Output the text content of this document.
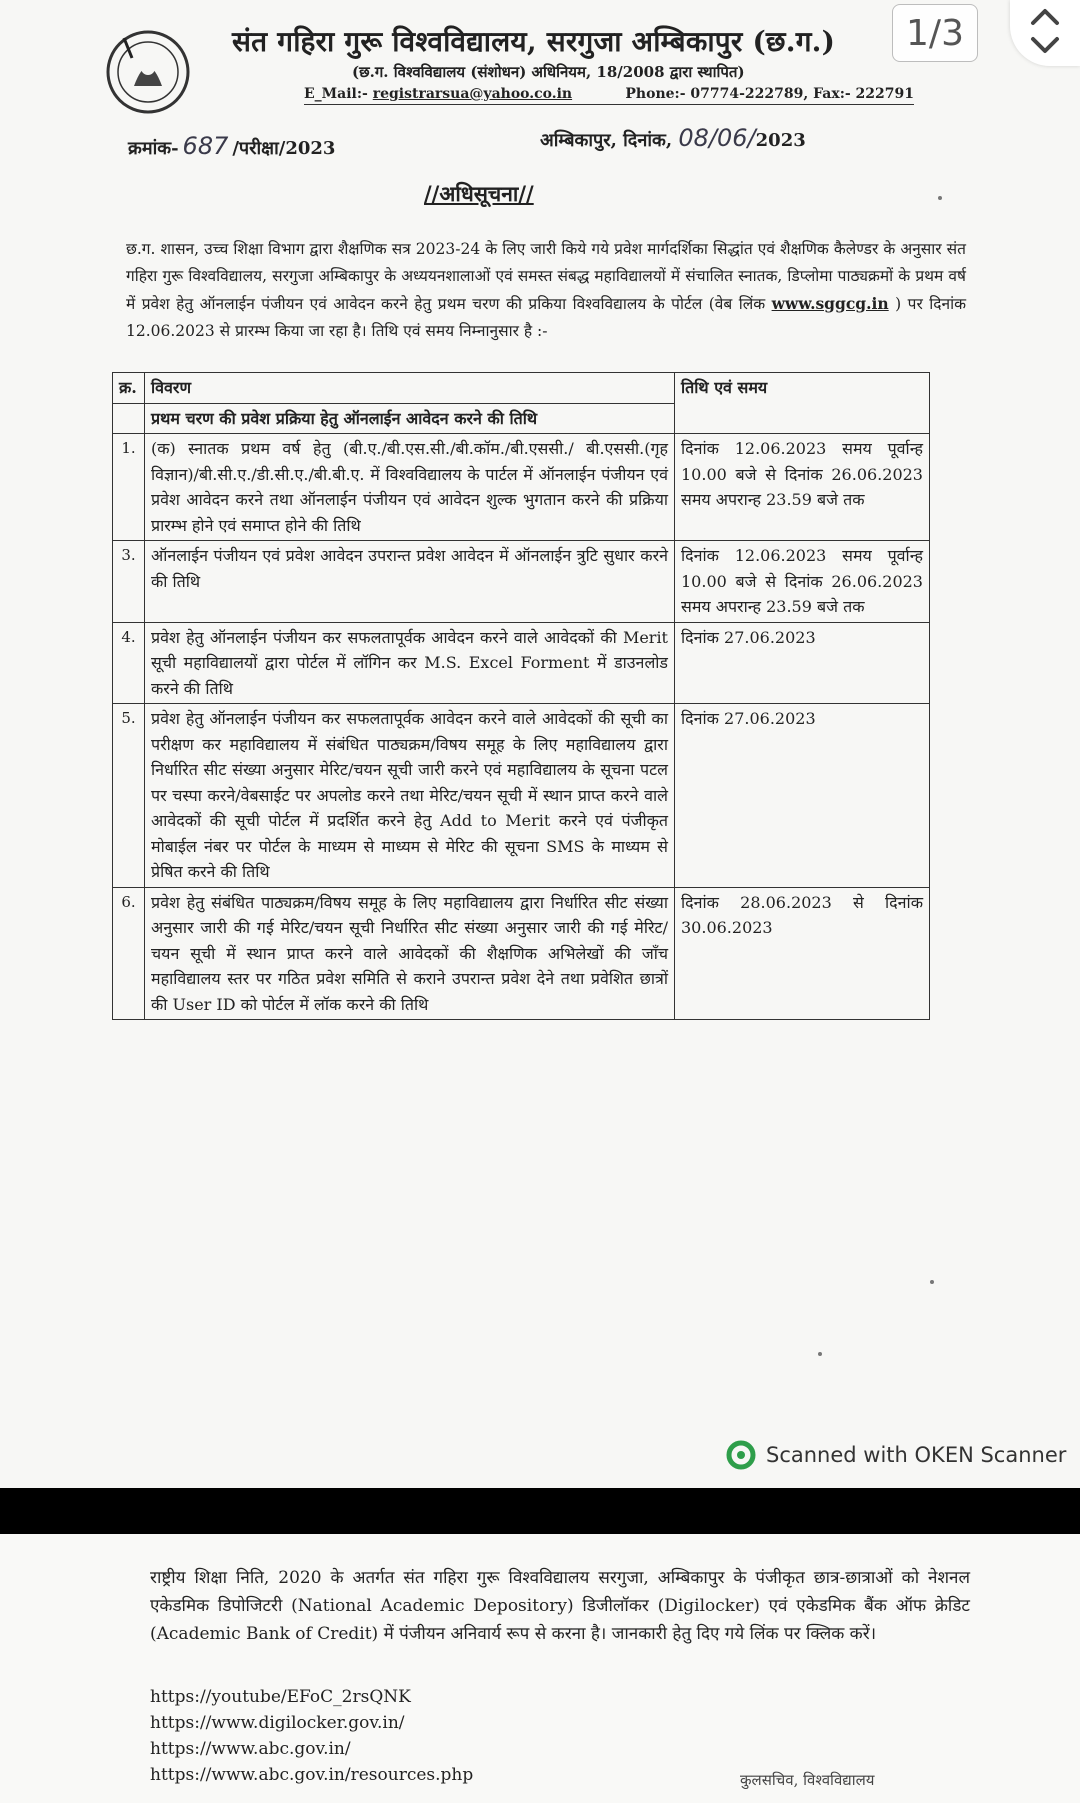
संत गहिरा गुरू विश्वविद्यालय, सरगुजा अम्बिकापुर (छ.ग.)
(छ.ग. विश्वविद्यालय (संशोधन) अधिनियम, 18/2008 द्वारा स्थापित)
E_Mail:- registrarsua@yahoo.co.in	Phone:- 07774-222789, Fax:- 222791
क्रमांक- 687 /परीक्षा/2023	अम्बिकापुर, दिनांक, 08/06/2023
//अधिसूचना//
छ.ग. शासन, उच्च शिक्षा विभाग द्वारा शैक्षणिक सत्र 2023-24 के लिए जारी किये गये प्रवेश मार्गदर्शिका सिद्धांत एवं शैक्षणिक कैलेण्डर के अनुसार संत गहिरा गुरू विश्वविद्यालय, सरगुजा अम्बिकापुर के अध्ययनशालाओं एवं समस्त संबद्ध महाविद्यालयों में संचालित स्नातक, डिप्लोमा पाठ्यक्रमों के प्रथम वर्ष में प्रवेश हेतु ऑनलाईन पंजीयन एवं आवेदन करने हेतु प्रथम चरण की प्रकिया विश्वविद्यालय के पोर्टल (वेब लिंक www.sggcg.in ) पर दिनांक 12.06.2023 से प्रारम्भ किया जा रहा है। तिथि एवं समय निम्नानुसार है :-
क्र.	विवरण	तिथि एवं समय
	प्रथम चरण की प्रवेश प्रक्रिया हेतु ऑनलाईन आवेदन करने की तिथि	
1.	(क) स्नातक प्रथम वर्ष हेतु (बी.ए./बी.एस.सी./बी.कॉम./बी.एससी./ बी.एससी.(गृह विज्ञान)/बी.सी.ए./डी.सी.ए./बी.बी.ए. में विश्वविद्यालय के पार्टल में ऑनलाईन पंजीयन एवं प्रवेश आवेदन करने तथा ऑनलाईन पंजीयन एवं आवेदन शुल्क भुगतान करने की प्रक्रिया प्रारम्भ होने एवं समाप्त होने की तिथि	दिनांक 12.06.2023 समय पूर्वान्ह 10.00 बजे से दिनांक 26.06.2023 समय अपरान्ह 23.59 बजे तक
3.	ऑनलाईन पंजीयन एवं प्रवेश आवेदन उपरान्त प्रवेश आवेदन में ऑनलाईन त्रुटि सुधार करने की तिथि	दिनांक 12.06.2023 समय पूर्वान्ह 10.00 बजे से दिनांक 26.06.2023 समय अपरान्ह 23.59 बजे तक
4.	प्रवेश हेतु ऑनलाईन पंजीयन कर सफलतापूर्वक आवेदन करने वाले आवेदकों की Merit सूची महाविद्यालयों द्वारा पोर्टल में लॉगिन कर M.S. Excel Forment में डाउनलोड करने की तिथि	दिनांक 27.06.2023
5.	प्रवेश हेतु ऑनलाईन पंजीयन कर सफलतापूर्वक आवेदन करने वाले आवेदकों की सूची का परीक्षण कर महाविद्यालय में संबंधित पाठ्यक्रम/विषय समूह के लिए महाविद्यालय द्वारा निर्धारित सीट संख्या अनुसार मेरिट/चयन सूची जारी करने एवं महाविद्यालय के सूचना पटल पर चस्पा करने/वेबसाईट पर अपलोड करने तथा मेरिट/चयन सूची में स्थान प्राप्त करने वाले आवेदकों की सूची पोर्टल में प्रदर्शित करने हेतु Add to Merit करने एवं पंजीकृत मोबाईल नंबर पर पोर्टल के माध्यम से माध्यम से मेरिट की सूचना SMS के माध्यम से प्रेषित करने की तिथि	दिनांक 27.06.2023
6.	प्रवेश हेतु संबंधित पाठ्यक्रम/विषय समूह के लिए महाविद्यालय द्वारा निर्धारित सीट संख्या अनुसार जारी की गई मेरिट/चयन सूची निर्धारित सीट संख्या अनुसार जारी की गई मेरिट/चयन सूची में स्थान प्राप्त करने वाले आवेदकों की शैक्षणिक अभिलेखों की जाँच महाविद्यालय स्तर पर गठित प्रवेश समिति से कराने उपरान्त प्रवेश देने तथा प्रवेशित छात्रों की User ID को पोर्टल में लॉक करने की तिथि	दिनांक 28.06.2023 से दिनांक 30.06.2023
Scanned with OKEN Scanner
1/3
राष्ट्रीय शिक्षा निति, 2020 के अतर्गत संत गहिरा गुरू विश्वविद्यालय सरगुजा, अम्बिकापुर के पंजीकृत छात्र-छात्राओं को नेशनल एकेडमिक डिपोजिटरी (National Academic Depository) डिजीलॉकर (Digilocker) एवं एकेडमिक बैंक ऑफ क्रेडिट (Academic Bank of Credit) में पंजीयन अनिवार्य रूप से करना है। जानकारी हेतु दिए गये लिंक पर क्लिक करें।
https://youtube/EFoC_2rsQNK
https://www.digilocker.gov.in/
https://www.abc.gov.in/
https://www.abc.gov.in/resources.php	कुलसचिव, विश्वविद्यालय
